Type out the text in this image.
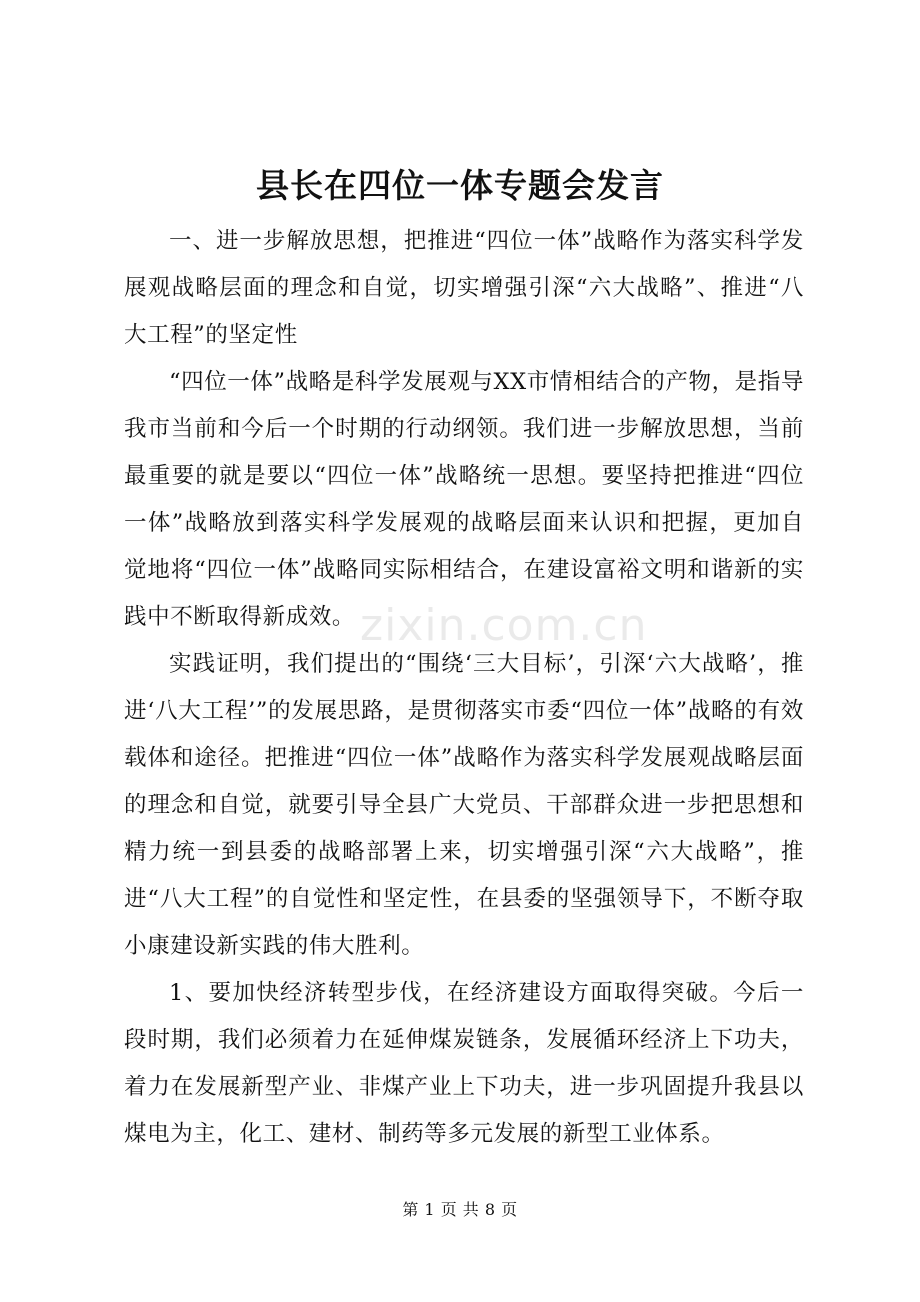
县长在四位一体专题会发言

一、进一步解放思想，把推进“四位一体”战略作为落实科学发展观战略层面的理念和自觉，切实增强引深“六大战略”、推进“八大工程”的坚定性

“四位一体”战略是科学发展观与XX市情相结合的产物，是指导我市当前和今后一个时期的行动纲领。我们进一步解放思想，当前最重要的就是要以“四位一体”战略统一思想。要坚持把推进“四位一体”战略放到落实科学发展观的战略层面来认识和把握，更加自觉地将“四位一体”战略同实际相结合，在建设富裕文明和谐新的实践中不断取得新成效。

实践证明，我们提出的“围绕‘三大目标’，引深‘六大战略’，推进‘八大工程’”的发展思路，是贯彻落实市委“四位一体”战略的有效载体和途径。把推进“四位一体”战略作为落实科学发展观战略层面的理念和自觉，就要引导全县广大党员、干部群众进一步把思想和精力统一到县委的战略部署上来，切实增强引深“六大战略”，推进“八大工程”的自觉性和坚定性，在县委的坚强领导下，不断夺取小康建设新实践的伟大胜利。

1、要加快经济转型步伐，在经济建设方面取得突破。今后一段时期，我们必须着力在延伸煤炭链条，发展循环经济上下功夫，着力在发展新型产业、非煤产业上下功夫，进一步巩固提升我县以煤电为主，化工、建材、制药等多元发展的新型工业体系。

zixin.com.cn
第 1 页 共 8 页
